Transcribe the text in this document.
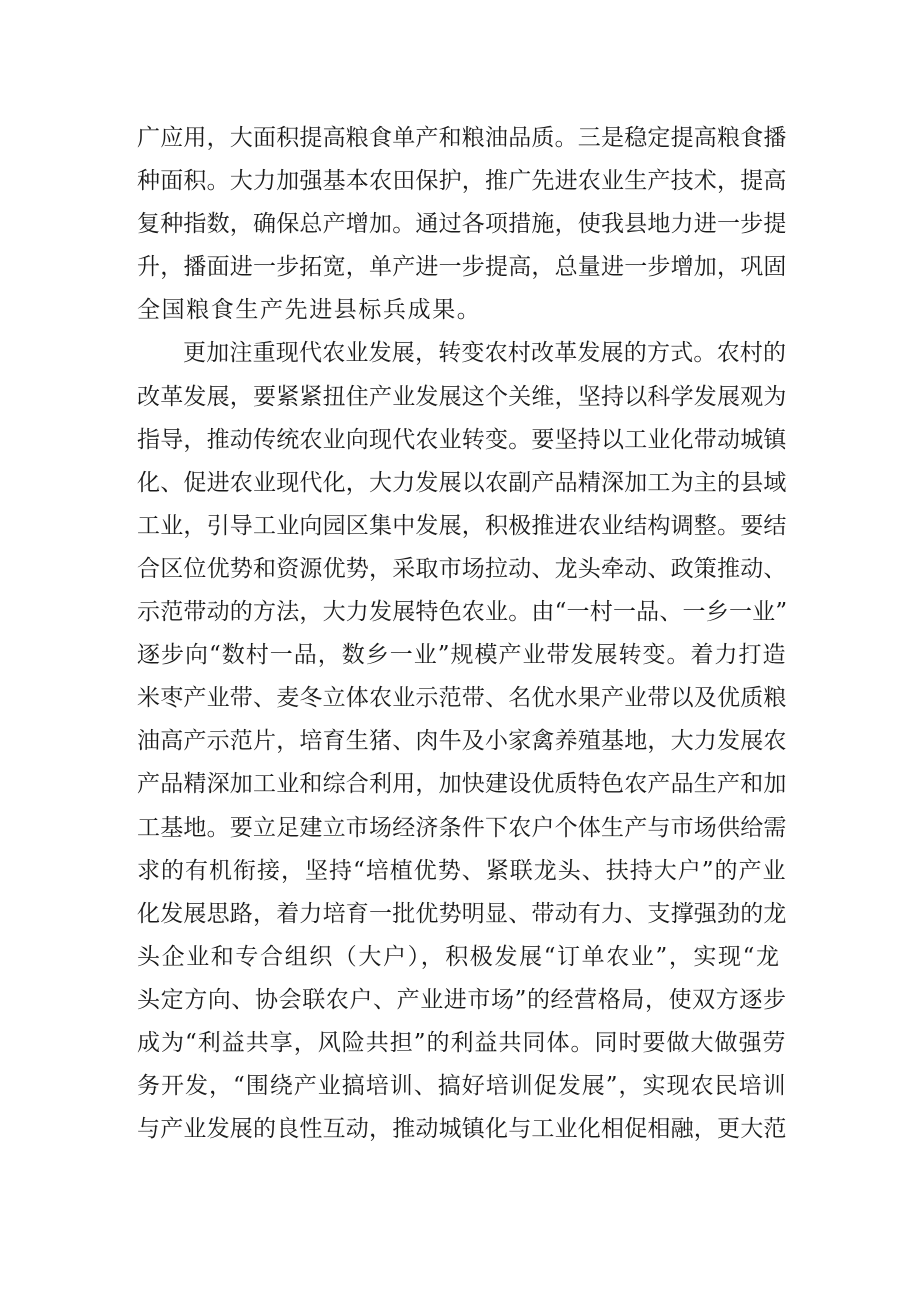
广应用，大面积提高粮食单产和粮油品质。三是稳定提高粮食播
种面积。大力加强基本农田保护，推广先进农业生产技术，提高
复种指数，确保总产增加。通过各项措施，使我县地力进一步提
升，播面进一步拓宽，单产进一步提高，总量进一步增加，巩固
全国粮食生产先进县标兵成果。
更加注重现代农业发展，转变农村改革发展的方式。农村的
改革发展，要紧紧扭住产业发展这个关维，坚持以科学发展观为
指导，推动传统农业向现代农业转变。要坚持以工业化带动城镇
化、促进农业现代化，大力发展以农副产品精深加工为主的县域
工业，引导工业向园区集中发展，积极推进农业结构调整。要结
合区位优势和资源优势，采取市场拉动、龙头牵动、政策推动、
示范带动的方法，大力发展特色农业。由“一村一品、一乡一业”
逐步向“数村一品，数乡一业”规模产业带发展转变。着力打造
米枣产业带、麦冬立体农业示范带、名优水果产业带以及优质粮
油高产示范片，培育生猪、肉牛及小家禽养殖基地，大力发展农
产品精深加工业和综合利用，加快建设优质特色农产品生产和加
工基地。要立足建立市场经济条件下农户个体生产与市场供给需
求的有机衔接，坚持“培植优势、紧联龙头、扶持大户”的产业
化发展思路，着力培育一批优势明显、带动有力、支撑强劲的龙
头企业和专合组织（大户），积极发展“订单农业”，实现“龙
头定方向、协会联农户、产业进市场”的经营格局，使双方逐步
成为“利益共享，风险共担”的利益共同体。同时要做大做强劳
务开发，“围绕产业搞培训、搞好培训促发展”，实现农民培训
与产业发展的良性互动，推动城镇化与工业化相促相融，更大范
